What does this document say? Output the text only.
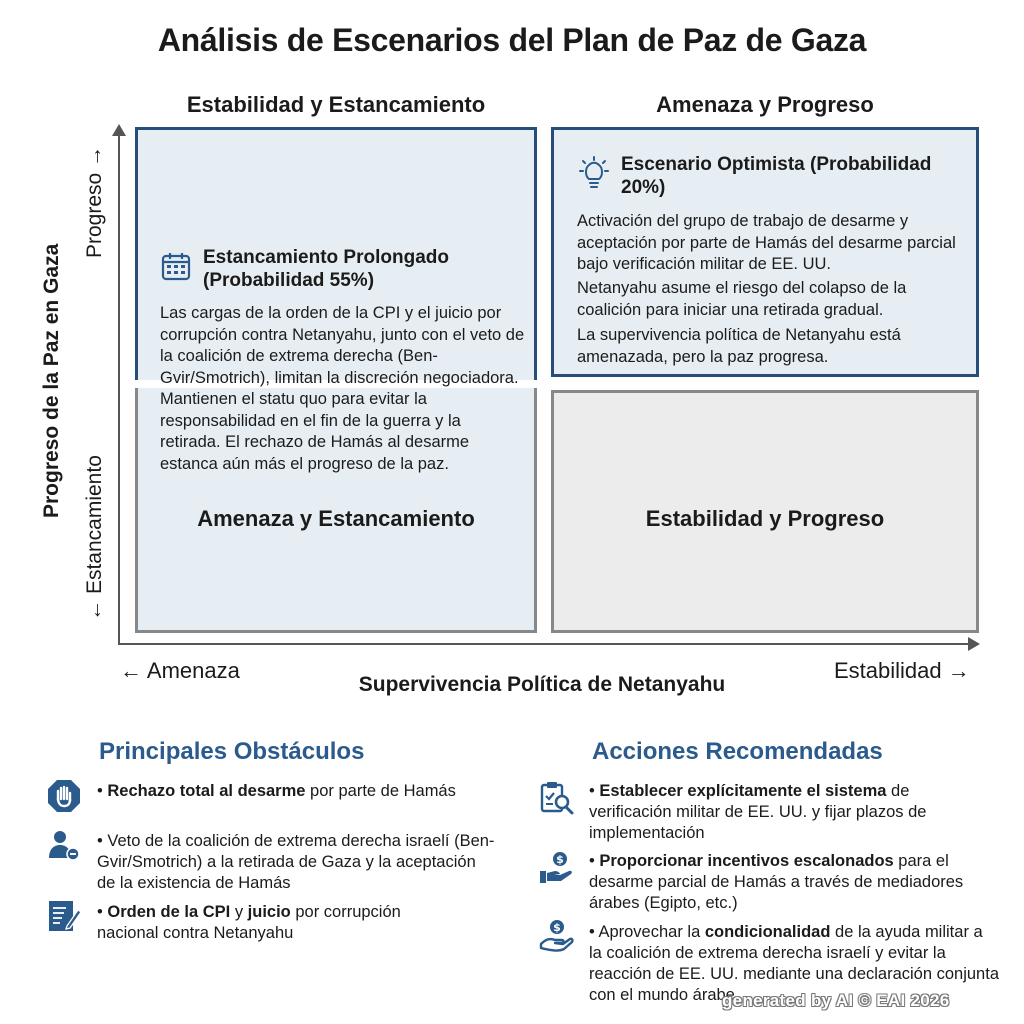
Análisis de Escenarios del Plan de Paz de Gaza
Estabilidad y Estancamiento	Amenaza y Progreso
Progreso de la Paz en Gaza
Progreso →
← Estancamiento
← Amenaza	Estabilidad →
Supervivencia Política de Netanyahu
Estancamiento Prolongado (Probabilidad 55%)
Las cargas de la orden de la CPI y el juicio por corrupción contra Netanyahu, junto con el veto de la coalición de extrema derecha (Ben-Gvir/Smotrich), limitan la discreción negociadora. Mantienen el statu quo para evitar la responsabilidad en el fin de la guerra y la retirada. El rechazo de Hamás al desarme estanca aún más el progreso de la paz.
Escenario Optimista (Probabilidad 20%)
Activación del grupo de trabajo de desarme y aceptación por parte de Hamás del desarme parcial bajo verificación militar de EE. UU.
Netanyahu asume el riesgo del colapso de la coalición para iniciar una retirada gradual.
La supervivencia política de Netanyahu está amenazada, pero la paz progresa.
Amenaza y Estancamiento	Estabilidad y Progreso
Principales Obstáculos
• Rechazo total al desarme por parte de Hamás
• Veto de la coalición de extrema derecha israelí (Ben-Gvir/Smotrich) a la retirada de Gaza y la aceptación de la existencia de Hamás
• Orden de la CPI y juicio por corrupción nacional contra Netanyahu
Acciones Recomendadas
• Establecer explícitamente el sistema de verificación militar de EE. UU. y fijar plazos de implementación
$ • Proporcionar incentivos escalonados para el desarme parcial de Hamás a través de mediadores árabes (Egipto, etc.)
$ • Aprovechar la condicionalidad de la ayuda militar a la coalición de extrema derecha israelí y evitar la reacción de EE. UU. mediante una declaración conjunta con el mundo árabe
generated by AI © EAI 2026
